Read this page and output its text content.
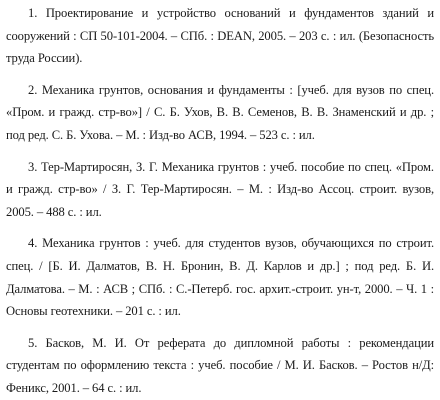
1. Проектирование и устройство оснований и фундаментов зданий и сооружений : СП 50-101-2004. – СПб. : DEAN, 2005. – 203 с. : ил. (Безопасность труда России).
2. Механика грунтов, основания и фундаменты : [учеб. для вузов по спец. «Пром. и гражд. стр-во»] / С. Б. Ухов, В. В. Семенов, В. В. Знаменский и др. ; под ред. С. Б. Ухова. – М. : Изд-во АСВ, 1994. – 523 с. : ил.
3. Тер-Мартиросян, З. Г. Механика грунтов : учеб. пособие по спец. «Пром. и гражд. стр-во» / З. Г. Тер-Мартиросян. – М. : Изд-во Ассоц. строит. вузов, 2005. – 488 с. : ил.
4. Механика грунтов : учеб. для студентов вузов, обучающихся по строит. спец. / [Б. И. Далматов, В. Н. Бронин, В. Д. Карлов и др.] ; под ред. Б. И. Далматова. – М. : АСВ ; СПб. : С.-Петерб. гос. архит.-строит. ун-т, 2000. – Ч. 1 : Основы геотехники. – 201 с. : ил.
5. Басков, М. И. От реферата до дипломной работы : рекомендации студентам по оформлению текста : учеб. пособие / М. И. Басков. – Ростов н/Д: Феникс, 2001. – 64 с. : ил.
